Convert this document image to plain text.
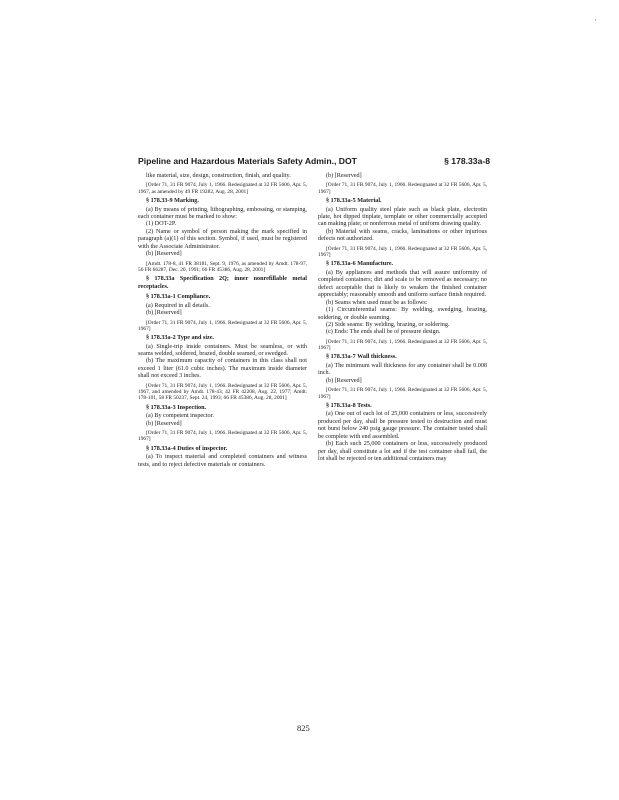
'
Pipeline and Hazardous Materials Safety Admin., DOT	§ 178.33a-8

like material, size, design, construction, finish, and quality.

[Order 71, 31 FR 9074, July 1, 1966. Redesignated at 32 FR 5606, Apr. 5, 1967, as amended by 49 FR 19282, Aug. 28, 2001]

§ 178.33-9 Marking.

(a) By means of printing, lithographing, embossing, or stamping, each container must be marked to show:

(1) DOT-2P.

(2) Name or symbol of person making the mark specified in paragraph (a)(1) of this section. Symbol, if used, must be registered with the Associate Administrator.

(b) [Reserved]

[Amdt. 178-8, 41 FR 38181, Sept. 9, 1976, as amended by Amdt. 178-97, 56 FR 66287, Dec. 20, 1991; 66 FR 45386, Aug. 28, 2001]

§ 178.33a Specification 2Q; inner nonrefillable metal receptacles.

§ 178.33a-1 Compliance.

(a) Required in all details.

(b) [Reserved]

[Order 71, 31 FR 9074, July 1, 1966. Redesignated at 32 FR 5606, Apr. 5, 1967]

§ 178.33a-2 Type and size.

(a) Single-trip inside containers. Must be seamless, or with seams welded, soldered, brazed, double seamed, or swedged.

(b) The maximum capacity of containers in this class shall not exceed 1 liter (61.0 cubic inches). The maximum inside diameter shall not exceed 3 inches.

[Order 71, 31 FR 9074, July 1, 1966. Redesignated at 32 FR 5606, Apr. 5, 1967, and amended by Amdt. 178-43, 42 FR 42208, Aug. 22, 1977; Amdt. 178-101, 58 FR 50237, Sept. 24, 1993; 66 FR 45386, Aug. 28, 2001]

§ 178.33a-3 Inspection.

(a) By competent inspector.

(b) [Reserved]

[Order 71, 31 FR 9074, July 1, 1966. Redesignated at 32 FR 5606, Apr. 5, 1967]

§ 178.33a-4 Duties of inspector.

(a) To inspect material and completed containers and witness tests, and to reject defective materials or containers.

(b) [Reserved]

[Order 71, 31 FR 9074, July 1, 1966. Redesignated at 32 FR 5606, Apr. 5, 1967]

§ 178.33a-5 Material.

(a) Uniform quality steel plate such as black plate, electrotin plate, hot dipped tinplate, ternplate or other commercially accepted can making plate; or nonferrous metal of uniform drawing quality.

(b) Material with seams, cracks, laminations or other injurious defects not authorized.

[Order 71, 31 FR 9074, July 1, 1966. Redesignated at 32 FR 5606, Apr. 5, 1967]

§ 178.33a-6 Manufacture.

(a) By appliances and methods that will assure uniformity of completed containers; dirt and scale to be removed as necessary; no defect acceptable that is likely to weaken the finished container appreciably; reasonably smooth and uniform surface finish required.

(b) Seams when used must be as follows:

(1) Circumferential seams: By welding, swedging, brazing, soldering, or double seaming.

(2) Side seams: By welding, brazing, or soldering.

(c) Ends: The ends shall be of pressure design.

[Order 71, 31 FR 9074, July 1, 1966. Redesignated at 32 FR 5606, Apr. 5, 1967]

§ 178.33a-7 Wall thickness.

(a) The minimum wall thickness for any container shall be 0.008 inch.

(b) [Reserved]

[Order 71, 31 FR 9074, July 1, 1966. Redesignated at 32 FR 5606, Apr. 5, 1967]

§ 178.33a-8 Tests.

(a) One out of each lot of 25,000 containers or less, successively produced per day, shall be pressure tested to destruction and must not burst below 240 psig gauge pressure. The container tested shall be complete with end assembled.

(b) Each such 25,000 containers or less, successively produced per day, shall constitute a lot and if the test container shall fail, the lot shall be rejected or ten additional containers may

825
